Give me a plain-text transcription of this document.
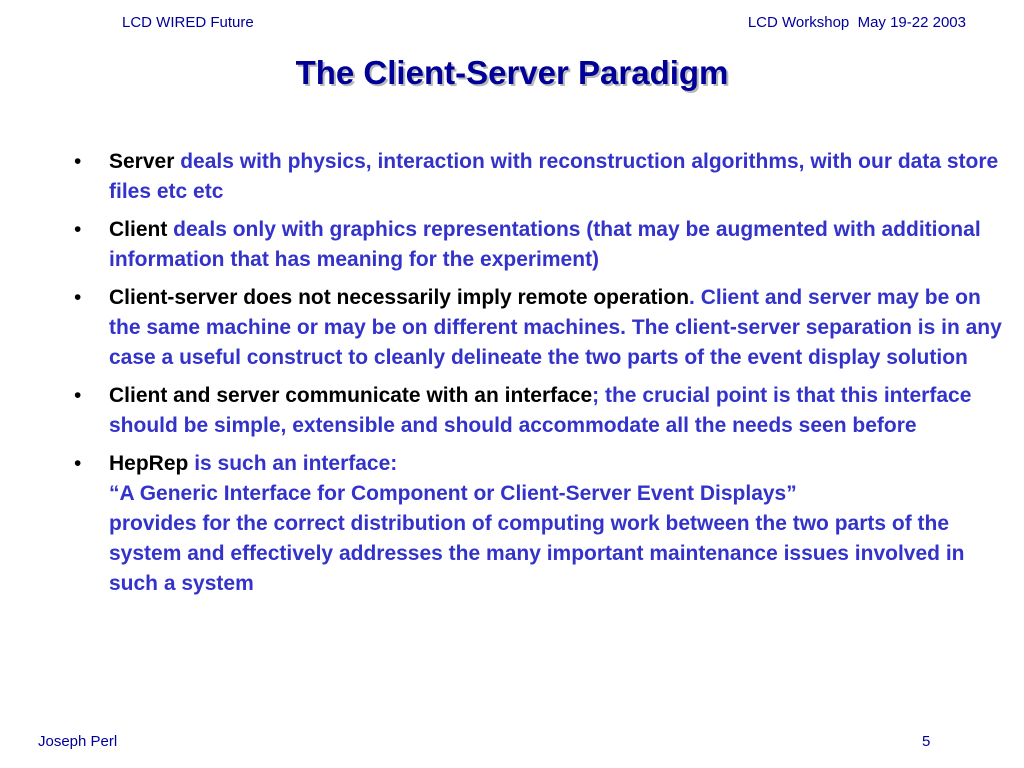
LCD WIRED Future	LCD Workshop  May 19-22 2003
The Client-Server Paradigm
• Server deals with physics, interaction with reconstruction algorithms, with our data store files etc etc
• Client deals only with graphics representations (that may be augmented with additional information that has meaning for the experiment)
• Client-server does not necessarily imply remote operation. Client and server may be on the same machine or may be on different machines. The client-server separation is in any case a useful construct to cleanly delineate the two parts of the event display solution
• Client and server communicate with an interface; the crucial point is that this interface should be simple, extensible and should accommodate all the needs seen before
• HepRep is such an interface:
“A Generic Interface for Component or Client-Server Event Displays”
provides for the correct distribution of computing work between the two parts of the system and effectively addresses the many important maintenance issues involved in such a system
Joseph Perl	5
